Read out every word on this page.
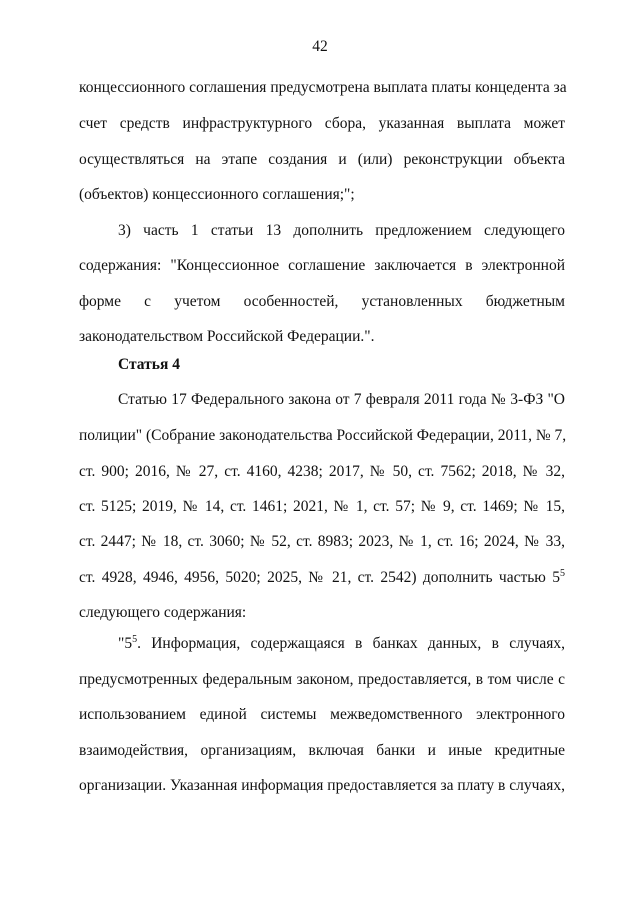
42
концессионного соглашения предусмотрена выплата платы концедента за
счет средств инфраструктурного сбора, указанная выплата может
осуществляться на этапе создания и (или) реконструкции объекта
(объектов) концессионного соглашения;";
3) часть 1 статьи 13 дополнить предложением следующего
содержания: "Концессионное соглашение заключается в электронной
форме с учетом особенностей, установленных бюджетным
законодательством Российской Федерации.".
Статья 4
Статью 17 Федерального закона от 7 февраля 2011 года № 3-ФЗ "О
полиции" (Собрание законодательства Российской Федерации, 2011, № 7,
ст. 900; 2016, № 27, ст. 4160, 4238; 2017, № 50, ст. 7562; 2018, № 32,
ст. 5125; 2019, № 14, ст. 1461; 2021, № 1, ст. 57; № 9, ст. 1469; № 15,
ст. 2447; № 18, ст. 3060; № 52, ст. 8983; 2023, № 1, ст. 16; 2024, № 33,
ст. 4928, 4946, 4956, 5020; 2025, № 21, ст. 2542) дополнить частью $5^5$
следующего содержания:
"$5^5$. Информация, содержащаяся в банках данных, в случаях,
предусмотренных федеральным законом, предоставляется, в том числе с
использованием единой системы межведомственного электронного
взаимодействия, организациям, включая банки и иные кредитные
организации. Указанная информация предоставляется за плату в случаях,
